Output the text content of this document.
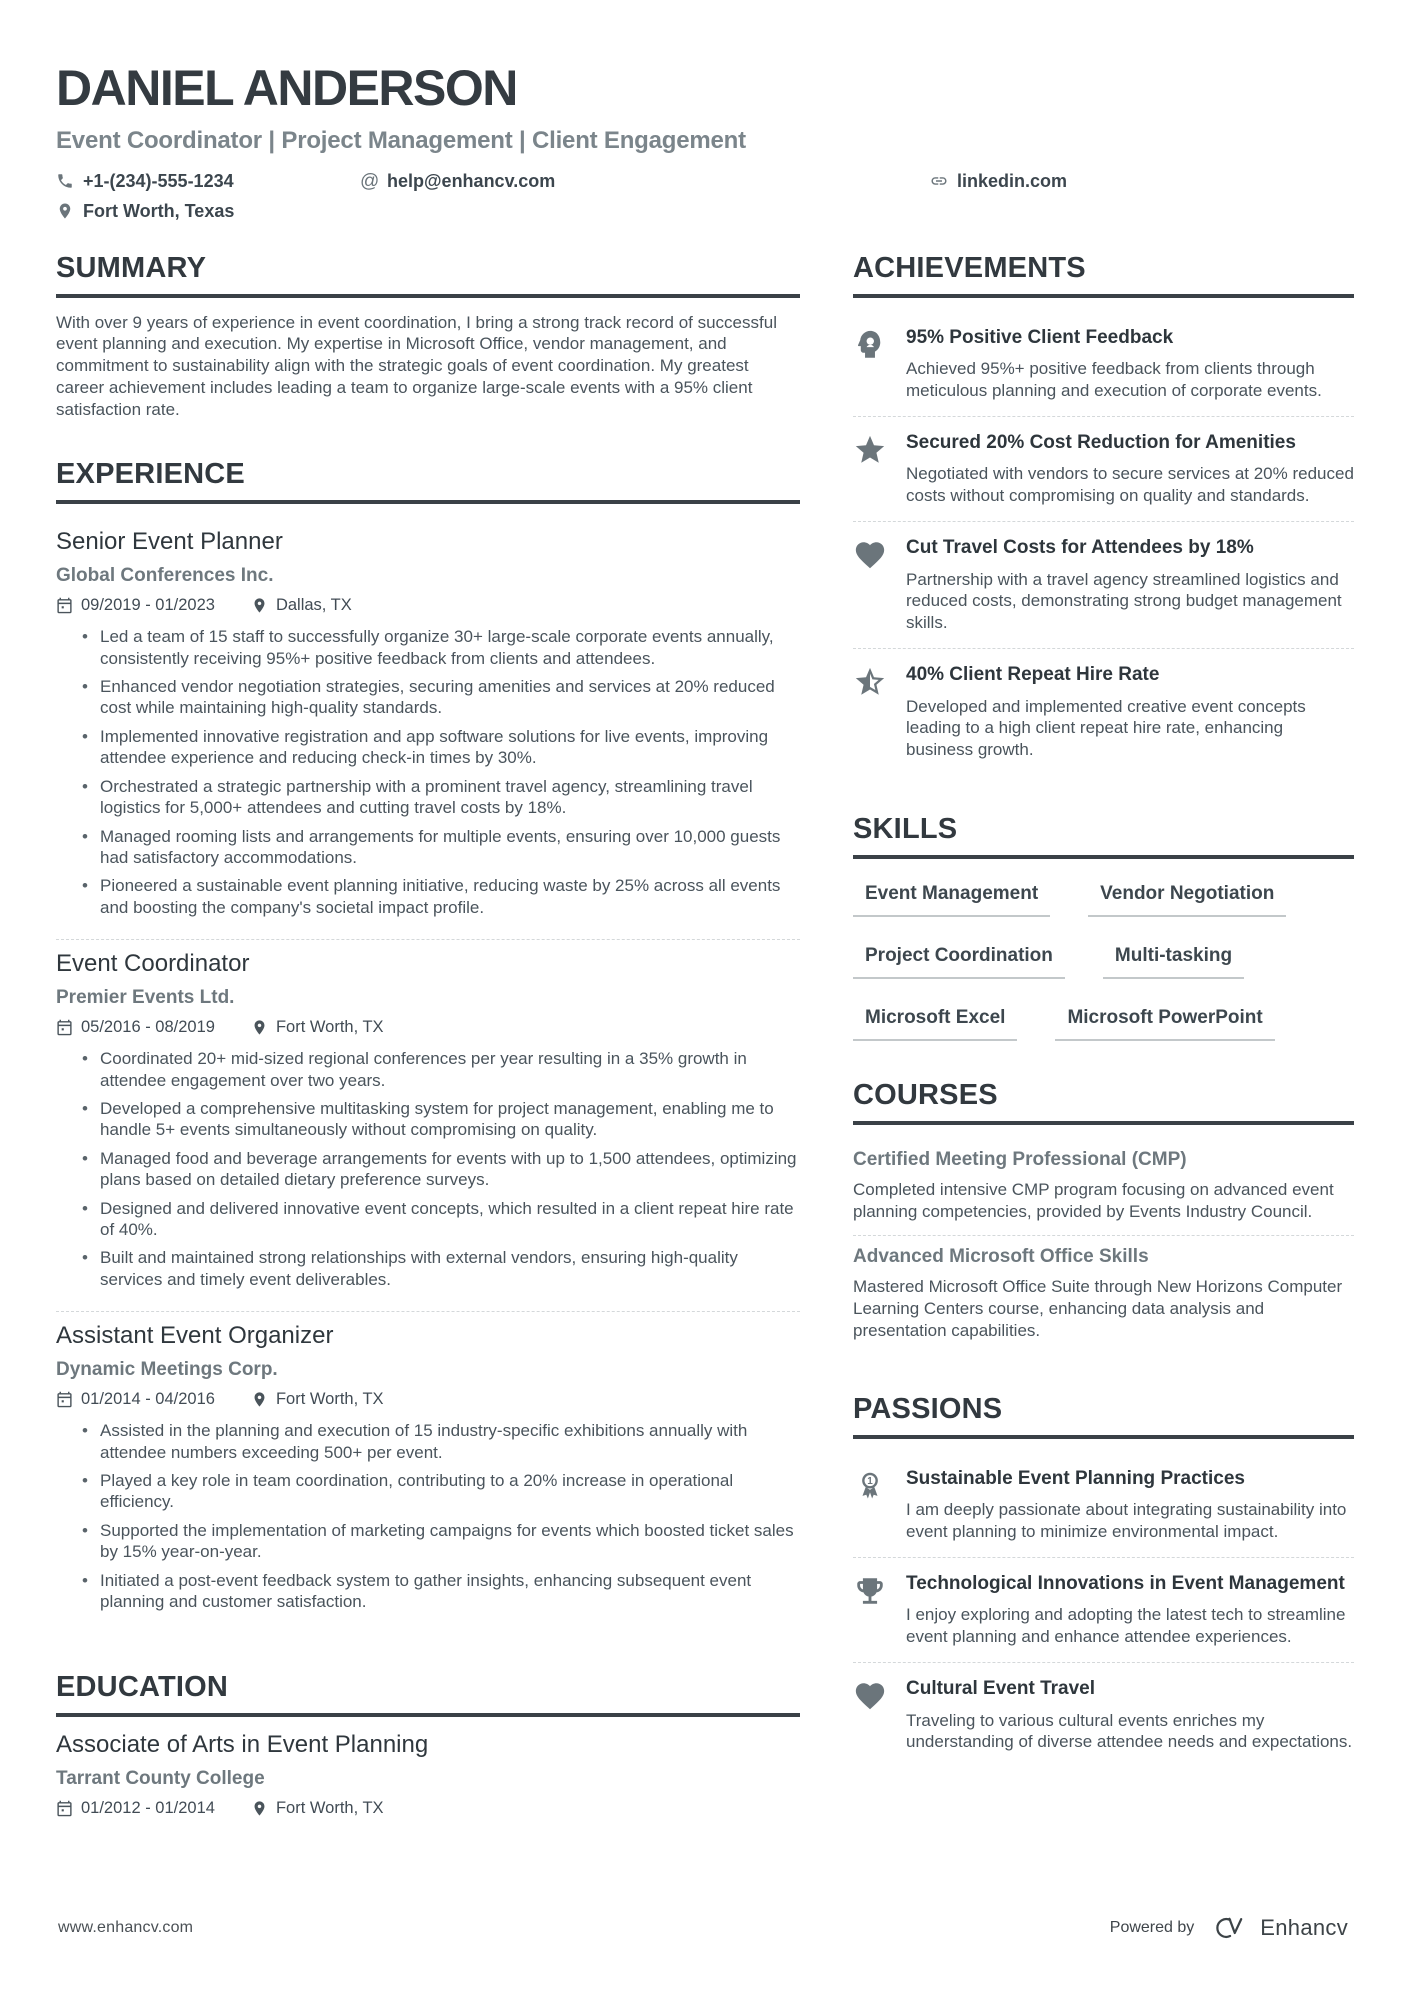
DANIEL ANDERSON
Event Coordinator | Project Management | Client Engagement
+1-(234)-555-1234	@ help@enhancv.com	linkedin.com
Fort Worth, Texas
SUMMARY

With over 9 years of experience in event coordination, I bring a strong track record of successful event planning and execution. My expertise in Microsoft Office, vendor management, and commitment to sustainability align with the strategic goals of event coordination. My greatest career achievement includes leading a team to organize large-scale events with a 95% client satisfaction rate.

EXPERIENCE
Senior Event Planner
Global Conferences Inc.
09/2019 - 01/2023	Dallas, TX
• Led a team of 15 staff to successfully organize 30+ large-scale corporate events annually, consistently receiving 95%+ positive feedback from clients and attendees.
• Enhanced vendor negotiation strategies, securing amenities and services at 20% reduced cost while maintaining high-quality standards.
• Implemented innovative registration and app software solutions for live events, improving attendee experience and reducing check-in times by 30%.
• Orchestrated a strategic partnership with a prominent travel agency, streamlining travel logistics for 5,000+ attendees and cutting travel costs by 18%.
• Managed rooming lists and arrangements for multiple events, ensuring over 10,000 guests had satisfactory accommodations.
• Pioneered a sustainable event planning initiative, reducing waste by 25% across all events and boosting the company's societal impact profile.
Event Coordinator
Premier Events Ltd.
05/2016 - 08/2019	Fort Worth, TX
• Coordinated 20+ mid-sized regional conferences per year resulting in a 35% growth in attendee engagement over two years.
• Developed a comprehensive multitasking system for project management, enabling me to handle 5+ events simultaneously without compromising on quality.
• Managed food and beverage arrangements for events with up to 1,500 attendees, optimizing plans based on detailed dietary preference surveys.
• Designed and delivered innovative event concepts, which resulted in a client repeat hire rate of 40%.
• Built and maintained strong relationships with external vendors, ensuring high-quality services and timely event deliverables.
Assistant Event Organizer
Dynamic Meetings Corp.
01/2014 - 04/2016	Fort Worth, TX
• Assisted in the planning and execution of 15 industry-specific exhibitions annually with attendee numbers exceeding 500+ per event.
• Played a key role in team coordination, contributing to a 20% increase in operational efficiency.
• Supported the implementation of marketing campaigns for events which boosted ticket sales by 15% year-on-year.
• Initiated a post-event feedback system to gather insights, enhancing subsequent event planning and customer satisfaction.
EDUCATION
Associate of Arts in Event Planning
Tarrant County College
01/2012 - 01/2014	Fort Worth, TX
ACHIEVEMENTS
95% Positive Client Feedback
Achieved 95%+ positive feedback from clients through meticulous planning and execution of corporate events.
Secured 20% Cost Reduction for Amenities
Negotiated with vendors to secure services at 20% reduced costs without compromising on quality and standards.
Cut Travel Costs for Attendees by 18%
Partnership with a travel agency streamlined logistics and reduced costs, demonstrating strong budget management skills.
40% Client Repeat Hire Rate
Developed and implemented creative event concepts leading to a high client repeat hire rate, enhancing business growth.
SKILLS
Event Management	Vendor Negotiation
Project Coordination	Multi-tasking
Microsoft Excel	Microsoft PowerPoint
COURSES
Certified Meeting Professional (CMP)
Completed intensive CMP program focusing on advanced event planning competencies, provided by Events Industry Council.
Advanced Microsoft Office Skills
Mastered Microsoft Office Suite through New Horizons Computer Learning Centers course, enhancing data analysis and presentation capabilities.
PASSIONS
1 Sustainable Event Planning Practices
I am deeply passionate about integrating sustainability into event planning to minimize environmental impact.
Technological Innovations in Event Management
I enjoy exploring and adopting the latest tech to streamline event planning and enhance attendee experiences.
Cultural Event Travel
Traveling to various cultural events enriches my understanding of diverse attendee needs and expectations.
www.enhancv.com	Powered by	Enhancv
